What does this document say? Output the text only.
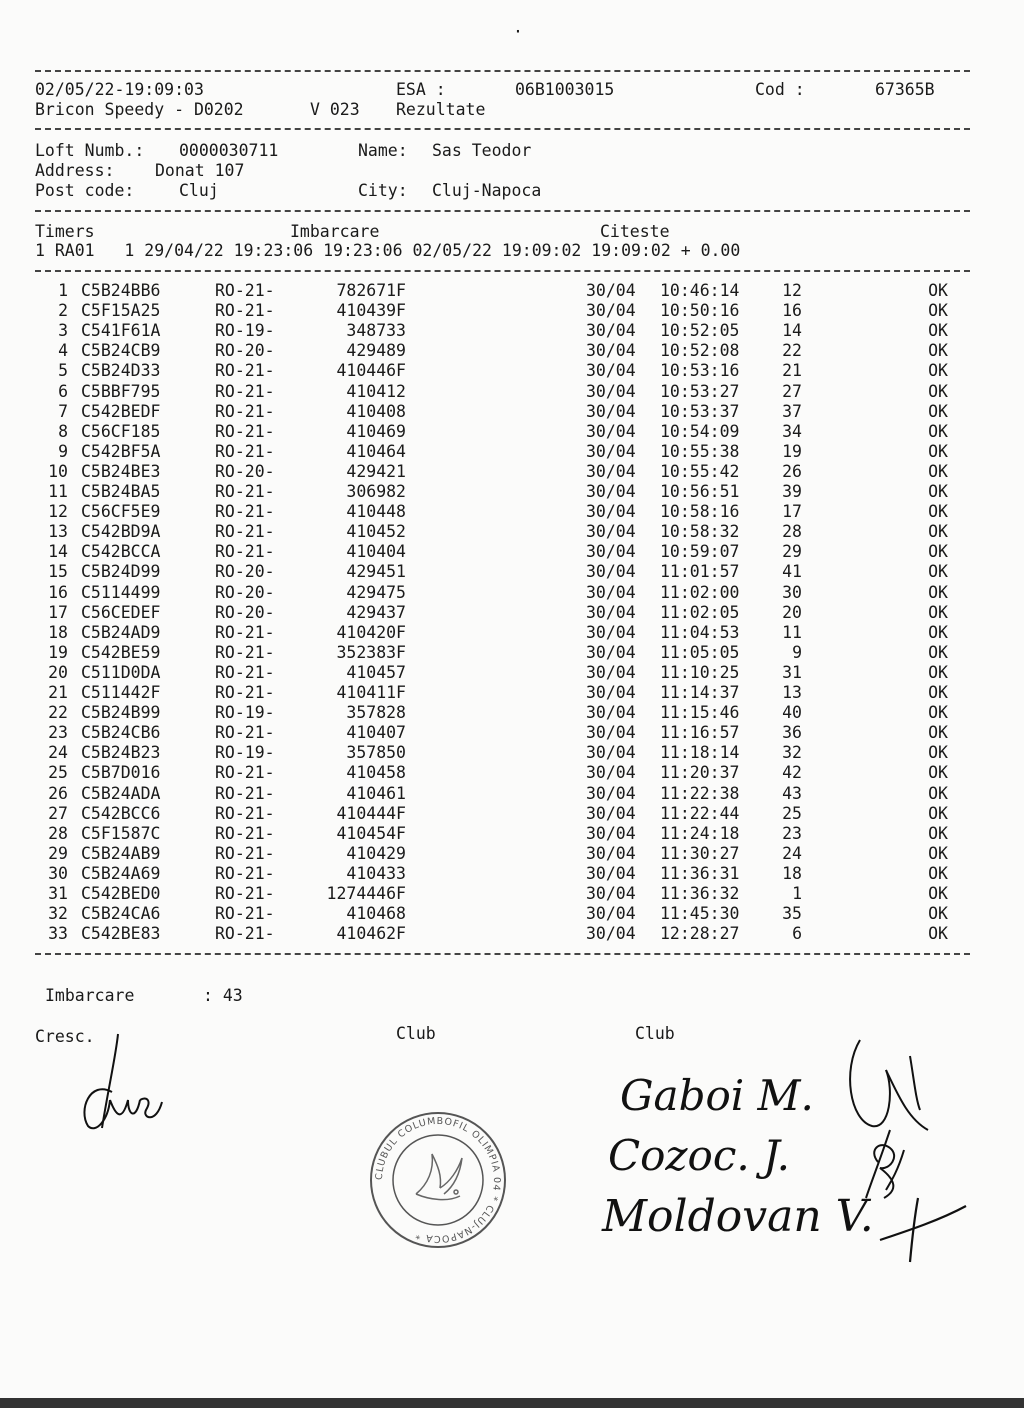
·
02/05/22-19:09:03	ESA :	06B1003015	Cod :	67365B
Bricon Speedy - D0202	V 023 Rezultate
Loft Numb.: 0000030711	Name: Sas Teodor
Address: Donat 107
Post code:	Cluj	City: Cluj-Napoca
Timers	Imbarcare	Citeste
1 RA01   1 29/04/22 19:23:06 19:23:06 02/05/22 19:09:02 19:09:02 + 0.00
1 C5B24BB6	RO-21-	782671F	30/04 10:46:14	12	OK
2 C5F15A25	RO-21-	410439F	30/04 10:50:16	16	OK
3 C541F61A	RO-19-	348733	30/04 10:52:05	14	OK
4 C5B24CB9	RO-20-	429489	30/04 10:52:08	22	OK
5 C5B24D33	RO-21-	410446F	30/04 10:53:16	21	OK
6 C5BBF795	RO-21-	410412	30/04 10:53:27	27	OK
7 C542BEDF	RO-21-	410408	30/04 10:53:37	37	OK
8 C56CF185	RO-21-	410469	30/04 10:54:09	34	OK
9 C542BF5A	RO-21-	410464	30/04 10:55:38	19	OK
10 C5B24BE3	RO-20-	429421	30/04 10:55:42	26	OK
11 C5B24BA5	RO-21-	306982	30/04 10:56:51	39	OK
12 C56CF5E9	RO-21-	410448	30/04 10:58:16	17	OK
13 C542BD9A	RO-21-	410452	30/04 10:58:32	28	OK
14 C542BCCA	RO-21-	410404	30/04 10:59:07	29	OK
15 C5B24D99	RO-20-	429451	30/04 11:01:57	41	OK
16 C5114499	RO-20-	429475	30/04 11:02:00	30	OK
17 C56CEDEF	RO-20-	429437	30/04 11:02:05	20	OK
18 C5B24AD9	RO-21-	410420F	30/04 11:04:53	11	OK
19 C542BE59	RO-21-	352383F	30/04 11:05:05	9	OK
20 C511D0DA	RO-21-	410457	30/04 11:10:25	31	OK
21 C511442F	RO-21-	410411F	30/04 11:14:37	13	OK
22 C5B24B99	RO-19-	357828	30/04 11:15:46	40	OK
23 C5B24CB6	RO-21-	410407	30/04 11:16:57	36	OK
24 C5B24B23	RO-19-	357850	30/04 11:18:14	32	OK
25 C5B7D016	RO-21-	410458	30/04 11:20:37	42	OK
26 C5B24ADA	RO-21-	410461	30/04 11:22:38	43	OK
27 C542BCC6	RO-21-	410444F	30/04 11:22:44	25	OK
28 C5F1587C	RO-21-	410454F	30/04 11:24:18	23	OK
29 C5B24AB9	RO-21-	410429	30/04 11:30:27	24	OK
30 C5B24A69	RO-21-	410433	30/04 11:36:31	18	OK
31 C542BED0	RO-21-	1274446F	30/04 11:36:32	1	OK
32 C5B24CA6	RO-21-	410468	30/04 11:45:30	35	OK
33 C542BE83	RO-21-	410462F	30/04 12:28:27	6	OK
Imbarcare	: 43
Cresc.	Club	Club
CLUBUL COLUMBOFIL OLIMPIA 04 * CLUJ-NAPOCA *
Gaboi M.
Cozoc. J.
Moldovan V.
